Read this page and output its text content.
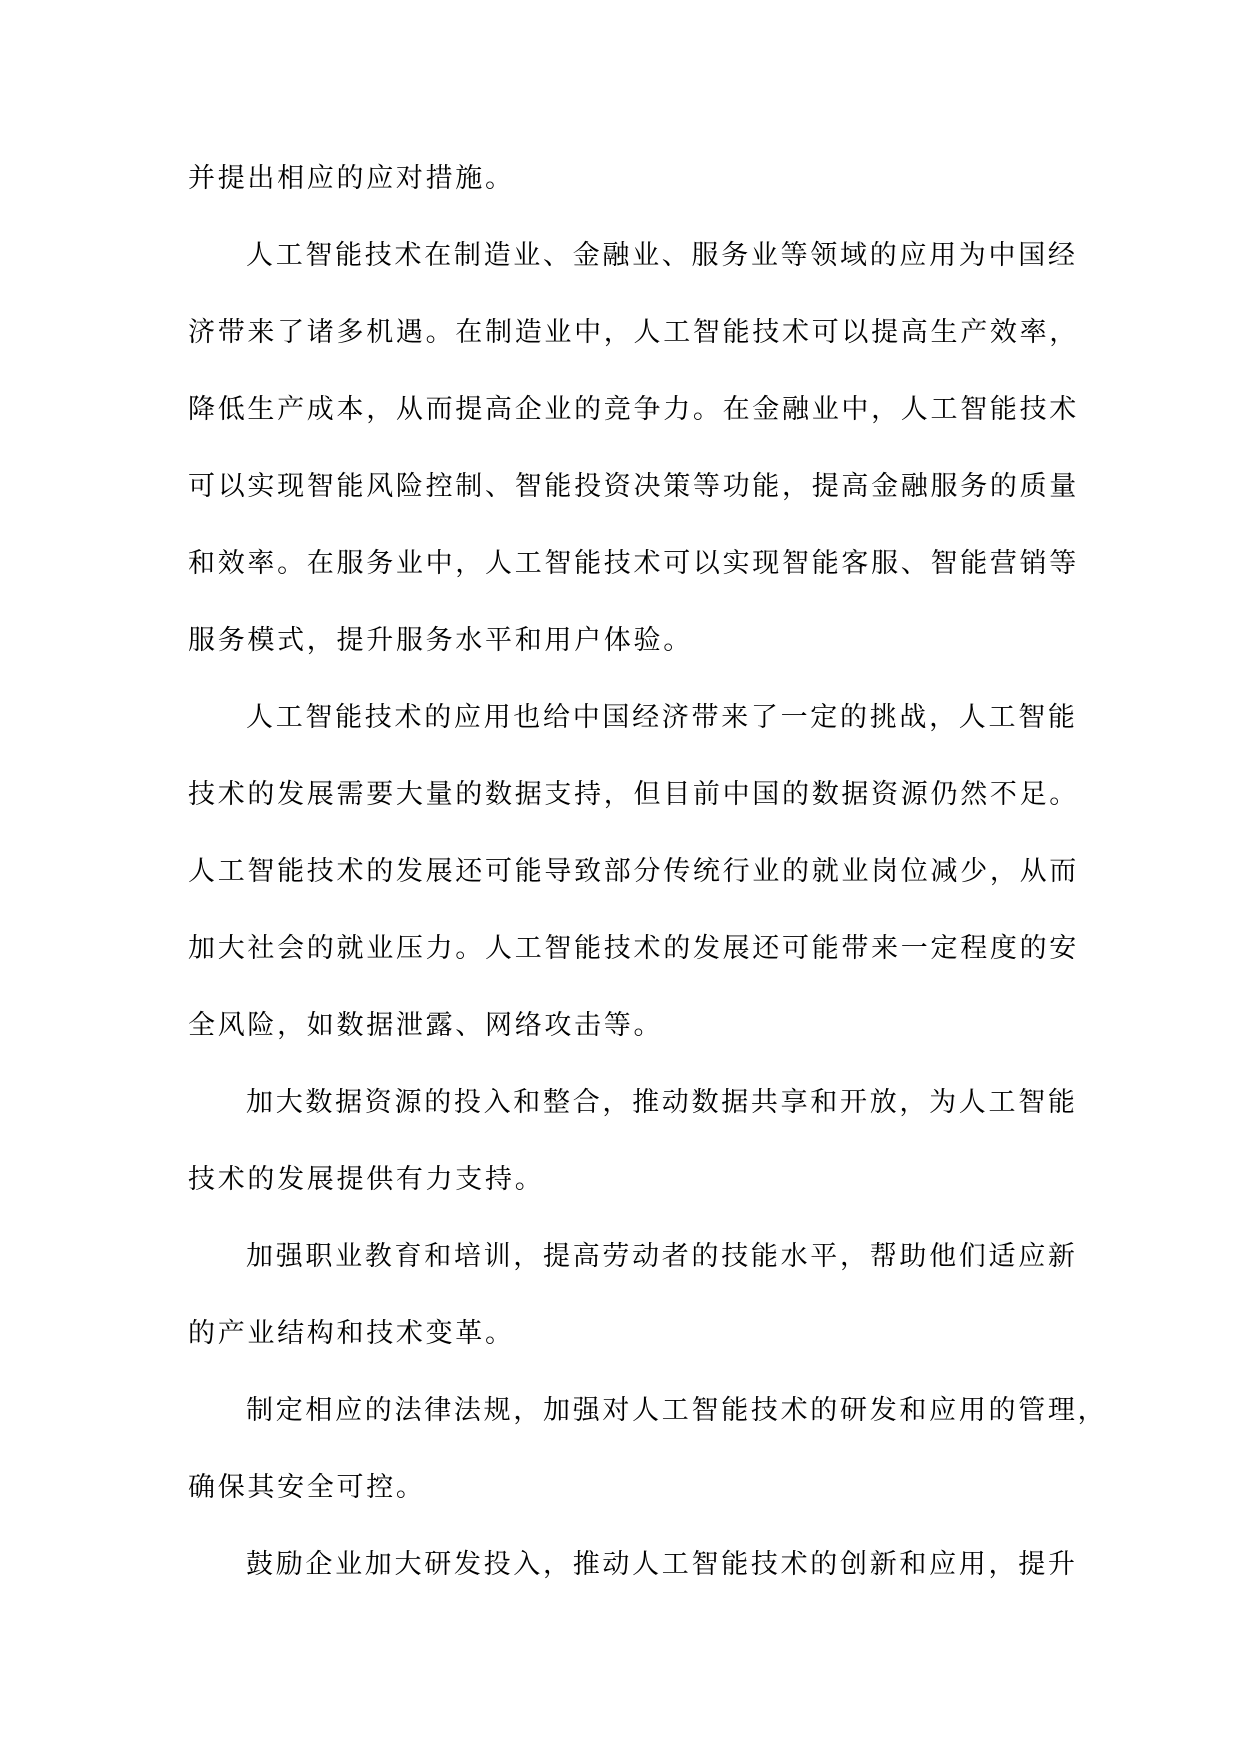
并提出相应的应对措施。
人工智能技术在制造业、金融业、服务业等领域的应用为中国经
济带来了诸多机遇。在制造业中，人工智能技术可以提高生产效率，
降低生产成本，从而提高企业的竞争力。在金融业中，人工智能技术
可以实现智能风险控制、智能投资决策等功能，提高金融服务的质量
和效率。在服务业中，人工智能技术可以实现智能客服、智能营销等
服务模式，提升服务水平和用户体验。
人工智能技术的应用也给中国经济带来了一定的挑战，人工智能
技术的发展需要大量的数据支持，但目前中国的数据资源仍然不足。
人工智能技术的发展还可能导致部分传统行业的就业岗位减少，从而
加大社会的就业压力。人工智能技术的发展还可能带来一定程度的安
全风险，如数据泄露、网络攻击等。
加大数据资源的投入和整合，推动数据共享和开放，为人工智能
技术的发展提供有力支持。
加强职业教育和培训，提高劳动者的技能水平，帮助他们适应新
的产业结构和技术变革。
制定相应的法律法规，加强对人工智能技术的研发和应用的管理，
确保其安全可控。
鼓励企业加大研发投入，推动人工智能技术的创新和应用，提升
